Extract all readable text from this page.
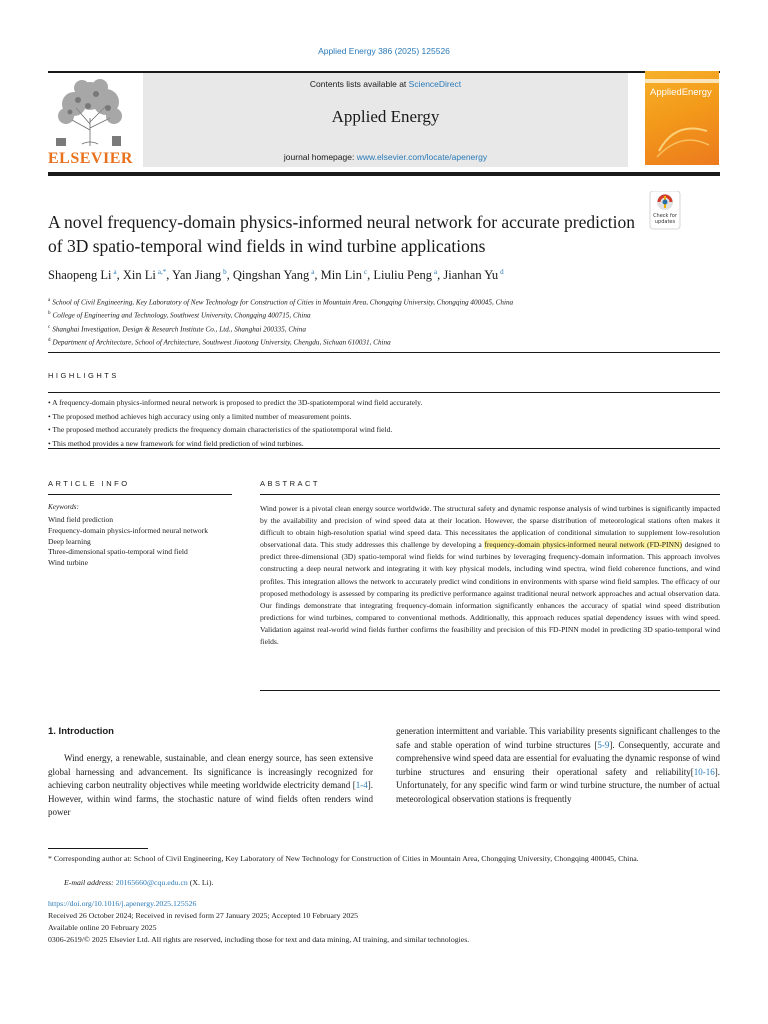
Applied Energy 386 (2025) 125526
ELSEVIER
Contents lists available at ScienceDirect
Applied Energy
journal homepage: www.elsevier.com/locate/apenergy
AppliedEnergy
A novel frequency-domain physics-informed neural network for accurate prediction of 3D spatio-temporal wind fields in wind turbine applications
Check for
updates
Shaopeng Li $^a$, Xin Li $^{a,*}$, Yan Jiang $^b$, Qingshan Yang $^a$, Min Lin $^c$, Liuliu Peng $^a$, Jianhan Yu $^d$
$^a$ School of Civil Engineering, Key Laboratory of New Technology for Construction of Cities in Mountain Area, Chongqing University, Chongqing 400045, China
$^b$ College of Engineering and Technology, Southwest University, Chongqing 400715, China
$^c$ Shanghai Investigation, Design & Research Institute Co., Ltd., Shanghai 200335, China
$^d$ Department of Architecture, School of Architecture, Southwest Jiaotong University, Chengdu, Sichuan 610031, China
HIGHLIGHTS
• A frequency-domain physics-informed neural network is proposed to predict the 3D-spatiotemporal wind field accurately.
• The proposed method achieves high accuracy using only a limited number of measurement points.
• The proposed method accurately predicts the frequency domain characteristics of the spatiotemporal wind field.
• This method provides a new framework for wind field prediction of wind turbines.
ARTICLE INFO
Keywords:
Wind field prediction
Frequency-domain physics-informed neural network
Deep learning
Three-dimensional spatio-temporal wind field
Wind turbine
ABSTRACT
Wind power is a pivotal clean energy source worldwide. The structural safety and dynamic response analysis of wind turbines is significantly impacted by the availability and precision of wind speed data at their location. However, the sparse distribution of meteorological stations often makes it difficult to obtain high-resolution spatial wind speed data. This necessitates the application of conditional simulation to supplement low-resolution observational data. This study addresses this challenge by developing a frequency-domain physics-informed neural network (FD-PINN) designed to predict three-dimensional (3D) spatio-temporal wind fields for wind turbines by leveraging frequency-domain information. This approach involves constructing a deep neural network and integrating it with key physical models, including wind spectra, wind field coherence functions, and wind profiles. This integration allows the network to accurately predict wind conditions in environments with sparse wind field samples. The efficacy of our proposed methodology is assessed by comparing its predictive performance against traditional neural network approaches and actual observation data. Our findings demonstrate that integrating frequency-domain information significantly enhances the accuracy of spatial wind speed distribution predictions for wind turbines, compared to conventional methods. Additionally, this approach reduces spatial dependency issues with wind speed. Validation against real-world wind fields further confirms the feasibility and precision of this FD-PINN model in predicting 3D spatio-temporal wind fields.
1. Introduction

Wind energy, a renewable, sustainable, and clean energy source, has seen extensive global harnessing and advancement. Its significance is increasingly recognized for achieving carbon neutrality objectives while meeting worldwide electricity demand [1-4]. However, within wind farms, the stochastic nature of wind fields often renders wind power

generation intermittent and variable. This variability presents significant challenges to the safe and stable operation of wind turbine structures [5-9]. Consequently, accurate and comprehensive wind speed data are essential for evaluating the dynamic response of wind turbine structures and ensuring their operational safety and reliability[10-16]. Unfortunately, for any specific wind farm or wind turbine structure, the number of actual meteorological observation stations is frequently

* Corresponding author at: School of Civil Engineering, Key Laboratory of New Technology for Construction of Cities in Mountain Area, Chongqing University, Chongqing 400045, China.
E-mail address: 20165660@cqu.edu.cn (X. Li).
https://doi.org/10.1016/j.apenergy.2025.125526
Received 26 October 2024; Received in revised form 27 January 2025; Accepted 10 February 2025
Available online 20 February 2025
0306-2619/© 2025 Elsevier Ltd. All rights are reserved, including those for text and data mining, AI training, and similar technologies.
